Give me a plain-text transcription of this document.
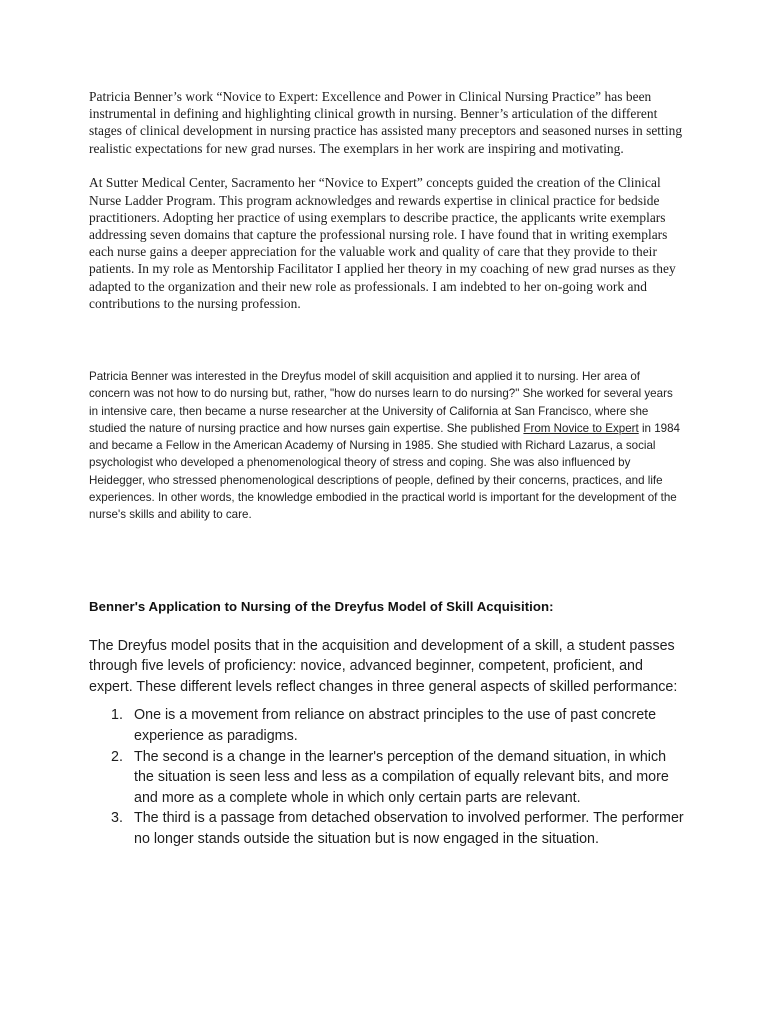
Patricia Benner’s work “Novice to Expert: Excellence and Power in Clinical Nursing Practice” has been instrumental in defining and highlighting clinical growth in nursing. Benner’s articulation of the different stages of clinical development in nursing practice has assisted many preceptors and seasoned nurses in setting realistic expectations for new grad nurses. The exemplars in her work are inspiring and motivating.

At Sutter Medical Center, Sacramento her “Novice to Expert” concepts guided the creation of the Clinical Nurse Ladder Program. This program acknowledges and rewards expertise in clinical practice for bedside practitioners. Adopting her practice of using exemplars to describe practice, the applicants write exemplars addressing seven domains that capture the professional nursing role. I have found that in writing exemplars each nurse gains a deeper appreciation for the valuable work and quality of care that they provide to their patients. In my role as Mentorship Facilitator I applied her theory in my coaching of new grad nurses as they adapted to the organization and their new role as professionals. I am indebted to her on-going work and contributions to the nursing profession.

Patricia Benner was interested in the Dreyfus model of skill acquisition and applied it to nursing. Her area of concern was not how to do nursing but, rather, "how do nurses learn to do nursing?" She worked for several years in intensive care, then became a nurse researcher at the University of California at San Francisco, where she studied the nature of nursing practice and how nurses gain expertise. She published From Novice to Expert in 1984 and became a Fellow in the American Academy of Nursing in 1985. She studied with Richard Lazarus, a social psychologist who developed a phenomenological theory of stress and coping. She was also influenced by Heidegger, who stressed phenomenological descriptions of people, defined by their concerns, practices, and life experiences. In other words, the knowledge embodied in the practical world is important for the development of the nurse's skills and ability to care.

Benner's Application to Nursing of the Dreyfus Model of Skill Acquisition:

The Dreyfus model posits that in the acquisition and development of a skill, a student passes through five levels of proficiency: novice, advanced beginner, competent, proficient, and expert. These different levels reflect changes in three general aspects of skilled performance:

One is a movement from reliance on abstract principles to the use of past concrete experience as paradigms.
The second is a change in the learner's perception of the demand situation, in which the situation is seen less and less as a compilation of equally relevant bits, and more and more as a complete whole in which only certain parts are relevant.
The third is a passage from detached observation to involved performer. The performer no longer stands outside the situation but is now engaged in the situation.
